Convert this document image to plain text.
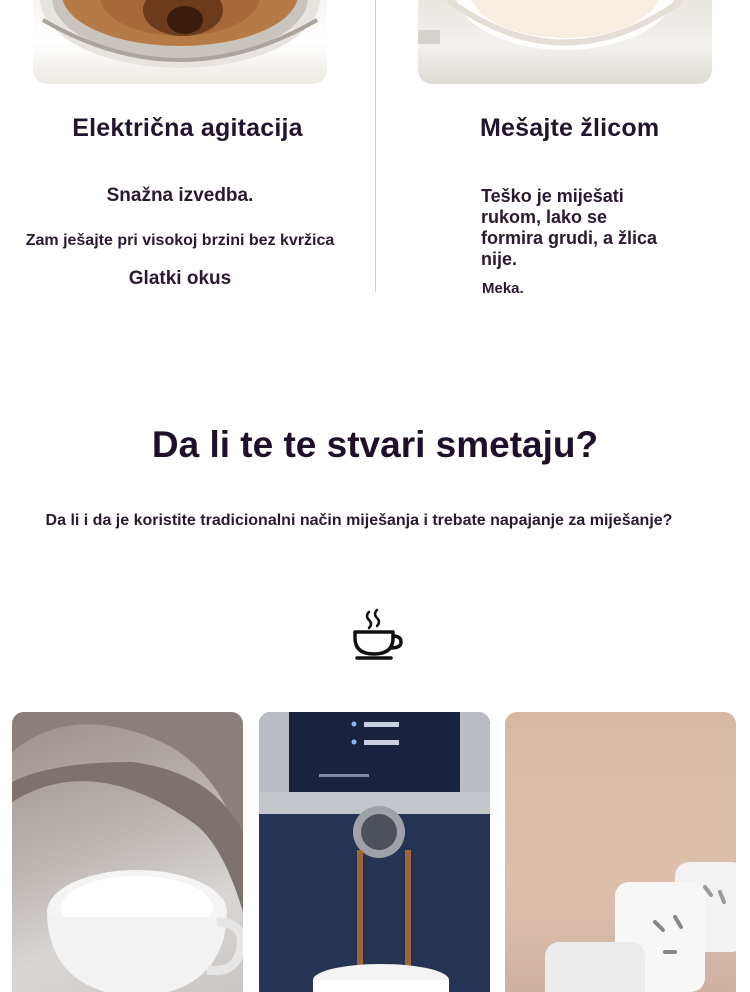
Električna agitacija
Snažna izvedba.
Zam ješajte pri visokoj brzini bez kvržica
Glatki okus
Mešajte žlicom
Teško je miješati rukom, lako se formira grudi, a žlica nije.
Meka.
Da li te te stvari smetaju?
Da li i da je koristite tradicionalni način miješanja i trebate napajanje za miješanje?
